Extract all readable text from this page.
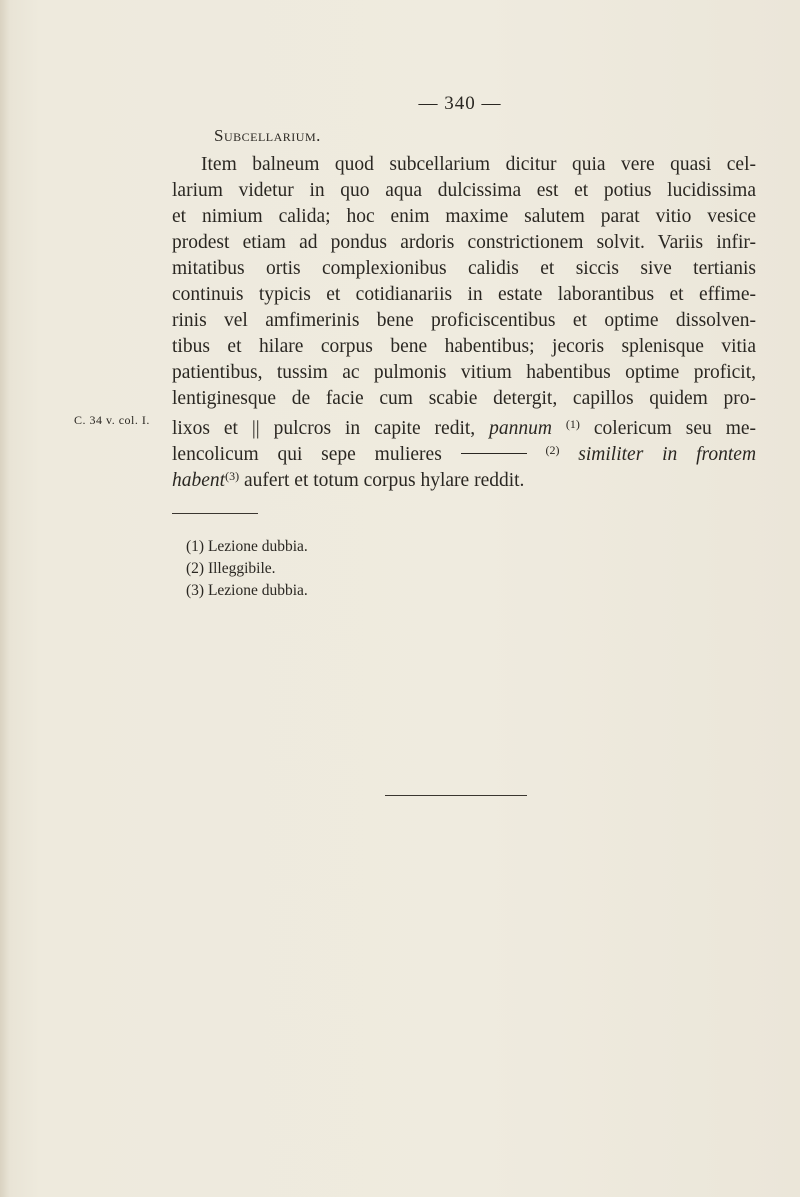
— 340 —
Subcellarium.
Item balneum quod subcellarium dicitur quia vere quasi cel-
larium videtur in quo aqua dulcissima est et potius lucidissima
et nimium calida; hoc enim maxime salutem parat vitio vesice
prodest etiam ad pondus ardoris constrictionem solvit. Variis infir-
mitatibus ortis complexionibus calidis et siccis sive tertianis
continuis typicis et cotidianariis in estate laborantibus et effime-
rinis vel amfimerinis bene proficiscentibus et optime dissolven-
tibus et hilare corpus bene habentibus; jecoris splenisque vitia
patientibus, tussim ac pulmonis vitium habentibus optime proficit,
lentiginesque de facie cum scabie detergit, capillos quidem pro-
lixos et || pulcros in capite redit, pannum $^{(1)}$ colericum seu me-
lencolicum qui sepe mulieres	$^{(2)}$ similiter in frontem
habent$^{(3)}$ aufert et totum corpus hylare reddit.
C. 34 v. col. I.
(1) Lezione dubbia.
(2) Illeggibile.
(3) Lezione dubbia.
